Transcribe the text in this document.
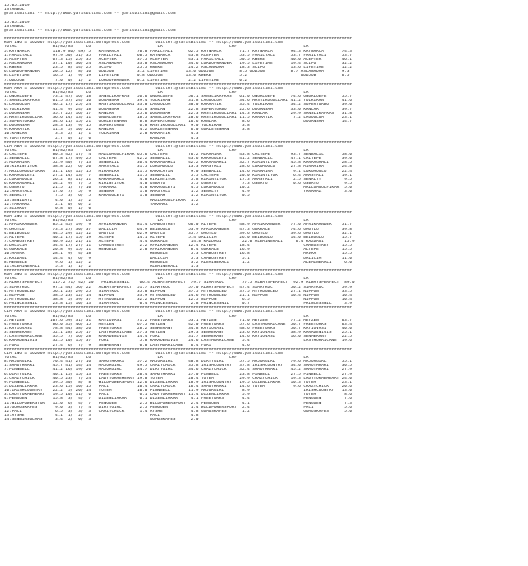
15.05.2019
ISTANBUL
@YarisBilimi -- http://www.yarisbilimi.com -- yarisbilimi@gmail.com
15.05.2019
ISTANBUL
@YarisBilimi -- http://www.yarisbilimi.com -- yarisbilimi@gmail.com
########################################################################################################################################
KUM 1NG = 162067 http://yarisbilimi.wordpress.com          twitter:@YarisBilimi -- http://www.yarisbilimi.com
TOTAL              81/82/83     LG                          LR                          LRF                          LA
5:KAYNARCA         118.9 86/ 49/ 5   KAYNARCA       70.0 FARILYALI      62.5 KAYNARCA       71.7 KAYNARCA       94.3 KAYNARCA       74.3
1:FARILYALI        97.9 50/ 51/ 35   FARILYALI      60.5 KAYNARCA       43.8 ACEPTER        53.5 FARILYALI      53.7 FARILYALI      53.7
3:ACEPTER          67.3 15/ 25/ 35   ACEPTER        37.5 ACEPTER        43.1 FARILYALI      50.5 KWEKE          40.0 ACEPTER        46.1
2:ASLANADAM        37.1 10/ 30/ 24   ASLANADAM      33.0 ASLANADAM      34.6 LORDOFWANDER   19.5 LIFETIME       19.4 SCIPO          32.2
4:KWEKE            23.5  8/ 14/ 25   SCIPO          25.5 KWEKE          24.2 ASLANADAM      18.3 SCIPO          13.6 LIFETIME       12.2
6:LORDOFWANDER     20.5 12/  8/ 16   ODDJOB         3.2 LIFETIME       13.0 ODDJOB          8.5 ODDJOB          8.7 ASLANADAM       9.3
8:LIFETIME         16.5  1/  9/ 19   LIFETIME       0.8 ODDJOB         13.0 KWEKE           5.2                     ODDJOB          6.5
7:ODDJOB            7.0  0/  1/  2   LORDOFWANDER   0.2 LIFETIME        2.2 LIFETIME        0.2
########################################################################################################################################
KUM ARA = 162067 http://yarisbilimi.wordpress.com          twitter:@YarisBilimi -- http://www.yarisbilimi.com
TOTAL              81/82/83     LG                          LR                          LRF                          LA
1:ONURLUEFE        73.2 47/ 16/ 18   SANSLIKAFKAS   56.6 ONURLUEFE      56.1 SANSLIKAFKAS   61.0 ONURLUEFE      74.6 ONURLUEFE      55.7
7:SANSLIKAFKAS     61.5 37/ 24/ 16   DOGANSAH       39.4 YOLKIRAN       31.8 LAGOOLUM       34.6 HASTIKOGULLARI 41.2 YOLKIRAN       41.6
4:LAGOOLUM         46.2 17/ 25/ 24   HASTIKOGULLARI 33.0 LAGOOLUM       30.0 KARAATIK       35.4 YOLKIRAN       34.2 SUPERTURBO     39.0
6:YOLKIRAN         41.4  9/ 24/ 18   DOGANSAH       31.8 SANLAN         22.8 SUPERTURBO     22.6 DOGANSAH       33.0 KANLAR         39.7
5:DOGANSAH         35.7 22/ 16/ 17   KANLAR         25.6 DOGANSAH       22.3 HASTIKOGULLARI 14.3 KANLAR         29.9 SANSLIKAFKAS   31.8
3:HASTIKOGULLAR    36.6 14/ 13/ 11   ONURLUEFE      18.5 SANSLIKAFKAS   20.6 HASTIKOGULLARI 11.5 KARAATIK        7.2 LAGOOLUM       23.1
2:SUPERTURBO       34.6 11/ 15/ 21   GURLEYENHAN     8.8 SUPERTURBO     16.6 KANLAR          8.6                     DOGANSAH       14.7
8:DOGANSAH         28.3 13/  9/ 15   SUPERTURBO      6.8 HASTIKOGULLARI  9.0 YOLKIRAN        3.8
9:KARAATIK         11.3  5/ 10/ 22   KANLAR          4.2 GURLEYENHAN     6.0 GURLEYENHAN     3.8
10:KANLAR           3.3  2/  1/  1   YOLKIRAN        2.0 KARAATIK        4.3
9:YURTYAPAN         2.7  0/  1/  0                       KANLAR          4.3
########################################################################################################################################
CIM ABA = 162070 http://yarisbilimi.wordpress.com          twitter:@YarisBilimi -- http://www.yarisbilimi.com
TOTAL              81/82/83     LG                          LR                          LRF                          LA
3:CALTEPE          80.3 42/ 17/  4   MAZLUMGULFIKAR 65.6 CALTEPE        76.2 MIRAMIRA       43.8 CALTEPE        93.7 SENBALIL       58.0
1:SENBALIL         67.8 17/ 49/ 25   CALTEPE        42.2 SENBALIL       43.6 KARAGOLEYI     41.2 SENBALIL       47.1 CALTEPE        39.0
5:MIRAMIRA         52.9 40/  7/ 13   SENBALIL       36.4 KARAAGAHLI     42.2 KARAAGAHLI     32.7 KIRINTIYOK     45.8 KARAAGAHLI     28.5
10:KIRINTIYOK      38.8 22/  6/ 20   AMASYALI       31.5 LOKUMOGLU      13.3 AMASYALI       28.6 LOKUMOGLU      27.8 MIRAMIRA       24.8
7:MAZLUMGULFIKAR   31.1 16/ 12/ 15   MIRAMIRA       11.5 KARALAYIN       9.0 SENBALIL       14.6 MIRAMIRA        9.1 LOKUMOGLU      22.4
4:KARAGOLEYI       27.2 14/ 13/  7   SENBALIL       11.5 SENBALIL        5.5 CALTEPE        20.0 KIRINTIYOK      6.4 AMASYALI       19.1
2:LOKUMOGLU        26.2  8/ 11/ 11   KARAAGAHLI      4.0 KIRINTIYOK      5.8 KIRINTIYOK     17.3 AMASYALI        2.5 SENALTY         9.5
6:KARAAGAHLI       14.2  9/  7/  5   KIRINTIYOK      4.0 OSBATU          5.5 OSBATU          7.3 OSBATU          0.6 OSBATU          9.5
8:OSBATU           21.5  1/  7/ 10   YARAMAZ         4.0 KARAGOLEYI      4.5 LOKUMOGLU      10.2                     MAZLUMGULFIKAR  5.0
12:AMASYALI        17.0  7/  5/  9   SENBAH          1.0 AMASYALI        1.2 SENALTY         4.9                     YARAMAZ         3.0
9:SENALTY           7.5  3/  6/  5   KARAGOLEYI      1.0 SENBAH          1.2 KIRINTIYOK      0.5
13:SENIDAYI         4.0  1/  2/  2                       MAZLUMGULFIKAR  1.2
12:YARAMAZ          2.1  0/  0/  2                       YARAMAZ         1.2
5:SIZAKOY           0.8  0/  1/  0
########################################################################################################################################
KUM 2NG = 162068 http://yarisbilimi.wordpress.com          twitter:@YarisBilimi -- http://www.yarisbilimi.com
TOTAL              81/82/83     LG                          LR                          LRF                          LA
1:AFRIKAANDER      85.2 45/ 19/  9   AFRIKAANDER    81.4 CAMBUSTREY     66.0 ALTEPE         48.9 AFRIKAANDER    77.0 AFRIKAANDER    51.7
9:UMUTLU           73.3 27/ 30/ 37   DALICIM        64.9 BEIBOGLU       53.9 AFRIKAANDER    47.3 GOKKALE        74.6 UMUTLU         39.8
4:BEIBOGLU         44.5 29/ 12/ 12   UMUTLU         62.9 UMUTLU         35.7 UMUTLU         39.6 UMUTLU         39.6 UMUTLU         32.1
5:ALTEPE           40.2 17/ 15/ 19   ALTEPE         14.1 ALTEPE         5.4 DALICIM         26.0 BEIBOGLU       14.0 BEIBOGLU       15.7
7:CAMBUSTREY       40.9 22/ 21/ 11   ALTEPE          4.4 GOKKALE         14.8 KAZDAGI        22.0 ALEMINERALI     6.4 KAZDAGI        15.9
3:DALICIM          34.4 17/ 27/ 11   CAMBUSTREY      2.2 AFRIKAANDER    12.4 ALTEPE         18.4                     CAMBUSTREY     15.5
6:GOKKALE          20.8  9/ 15/ 11   HENGELE         2.0 AFRIKAANDER     8.4 GOKKALE        16.9                     ALTEPE         15.5
10:MAVRA           28.1  9/  4/ 18                       HENGELE         5.3 CAMBUSTREY     16.8                     MAVRA          15.5
2:KAZDAGI          14.4  4/  6/  9                       DALICIM         5.3 CAMBUSTREY      5.1                     DALICIM        11.0
8:HENGELE           9.6  1/ 12/  2                       HENGELE         3.2 ALEMINERALI     1.2                     ALEMINERALI     6.0
11:ALEMINERALI      5.3  1/  1/  2                       ALEMINERALI     1.3
########################################################################################################################################
KUM 3NG = 162065 http://yarisbilimi.wordpress.com          twitter:@YarisBilimi -- http://www.yarisbilimi.com
TOTAL              81/82/83     LG                          LR                          LRF                          LA
3:ALWAYSPERFECT    117.2 71/ 42/ 20   PRINCESSNIL    66.4 ALWAYSPERFECT  79.7 SIMAYKOC       77.5 ALWAYSPERFECT  92.9 ALWAYSPERFECT  89.0
5:SIMAYKOC         97.2 44/ 56/ 22   ALWAYSPERFECT  51.7 SIMAYKOC       57.0 ALWAYSPERFECT  47.4 SIMAYKOC       50.2 SIMAYKOC       59.9
4:MTTROUBLED       56.1 23/ 29/ 25   SIMAYKOC       35.0 NIPPON         37.5 MTTROUBLED     37.5 MTTROUBLED     27.1 NIPPON         33.5
1:NIPPON           38.5 23/ 12/ 14   NIPPON         33.9 MTTROUBLED     24.6 MTTROUBLED     21.1 NIPPON         10.4 NIPPON         10.4
2:MTTROUBLED       38.8  5/ 39/ 37   MTTROUBLED     32.2 NIPPON         12.5 NIPPON          6.5                     NIPPON         10.4
6:PRINCESSNIL      23.8 15/ 10/ 13   SIMAYKOC        0.4 PRINCESSNIL     2.8 PRINCESSNIL     0.7                     PRINCESSNIL     3.9
########################################################################################################################################
CIM ARA = 162066 http://yarisbilimi.wordpress.com          twitter:@YarisBilimi -- http://www.yarisbilimi.com
TOTAL              81/82/83     LG                          LR                          LRF                          LA
2:MEYZEN          107.6 59/ 31/ 31   KAYIOVASI      71.2 FREETURKS      53.1 MEYZEN         71.0 MEYZEN         77.2 MEYZEN         63.7
4:FREETURKS        86.0 35/ 46/ 15   MEYZEN         67.5 MEYZEN         42.0 FREETURKS      57.6 LASTHURRICANE  50.7 FREETURKS      63.4
1:KAYIOVASI        78.8 44/ 38/ 26   FREETURKS      28.2 SENMERANT      34.8 KAYIOVASI      48.6 FREETURKS      50.7 KAYIOVASI      40.0
3:SENMERANT        52.1 28/ 25/ 17   LASTHURRICANE  27.3 MEYZEN         29.3 SENMERANT      23.6 KAYIOVASI      38.9 KARADENIVIS    25.1
7:LASTHURRICANE    35.5  7/ 16/ 28   KARADENIVIS    14.4 FURI           31.7 SENMERANT      14.6 KAYIOVASI      16.0 SENMERANT      22.5
6:KARADENIVIS      32.5 10/ 15/ 37   FURI            5.8 KARADENIVIS    24.6 LASTHURRICANE   5.4                     LASTHURRICANE  19.6
5:FURI             27.4  6/  7/  9   SENMERANT       0.0 LASTHURRICANE   6.4 FURI            4.6
########################################################################################################################################
CIM 1NG = 162069 http://yarisbilimi.wordpress.com          twitter:@YarisBilimi -- http://www.yarisbilimi.com
TOTAL              81/82/83     LG                          LR                          LRF                          LA
8:MAJORGIRL        70.4 41/ 27/ 16   SAMOTHRAKI     57.2 MAJORGIRL      40.8 DIRTYGIRL      57.5 MAJORGIRL      79.6 MAJORGIRL      55.1
1:SAMOTHRAKI       45.7 41/ 14/ 14   MAJORGIRL      49.5 CRAZYCHICK     35.8 IRISHCOUNTRY   37.8 IRISHCOUNTRY   34.0 SAMOTHRAKI     30.5
7:PINNBELL         41.2 16/ 19/ 20   MAJORGIRL      34.7 DIRTYGIRL      34.6 CRAZYCHICK     32.4 SAMOTHRAKI     45.2 SAMOTHRAKI     27.9
6:DIRTYGIRL        40.1 15/ 15/ 13   FREETURKS      20.4 SAMOTHRAKI     27.0 PINBELL        23.8 PINBELL        27.5 PINBELL        27.9
2:CRAZYCHICK       40.5 23/  7/ 24   LADYTOKMEHEART 19.0 TOTEM          20.4 TOTEM          29.9 CRAZYCHICK     19.3 LADYTOKMEHEART 24.0
9:PINNBELL         39.5 30/  8/  8   WILDPOWERSPORT 12.6 DIZENLIAKAR    18.9 IRISHCOUNTRY   19.5 DIZENLIAKAR    10.3 TOTEM          23.1
5:DIZENLIAKAR      23.6 15/ 10/ 15   PACI           10.4 CRAZYCHICK     16.4 SAMOTHRAKI     14.6 TOTEM           9.6 CRAZYCHICK     20.6
10:IRISHCOUNTRY    22.2  5/ 20/ 14   TOTEM          10.0 PINNBELL       11.9 MAJORGIRL       8.9                     IRISHCOUNTRY   13.0
3:LADYTOKMEHEART   19.5 10/ 11/  6   PACI            6.1 LADYTOKMEHEART 11.4 DIZENLIAKAR     5.9                     TOTEM           8.6
4:PENGUEN          15.8  3/  4/  7   DIZENLIAKAR     6.1 DIZENLIAKAR     4.1 FREETURKS       4.4                     PENGUEN         7.6
11:WILDPOWERSTOR   12.0  6/  4/  7   PENGUEN         2.5 WILDPOWERSPORT  2.4 PENGUEN         4.1                     PENGUEN         7.3
13:GUMUSKAFES       9.0  3/  7/  4   DIRTYGIRL       2.5 PENGUEN         1.4 WILDPOWERSPORT  2.4                     PACI            5.6
12:PACI             6.5  3/  3/  3   CRAZYCHICK      1.4 AYSHE           4.8 GUMUSKAFES      1.2                     GUMUSKAFES      5.0
13:AYSHE            4.1  1/  2/  3                       PACI            4.8
14:SENBIRSOLMAS     3.4  2/  0/  3                       GUMUSKAFES      2.0
